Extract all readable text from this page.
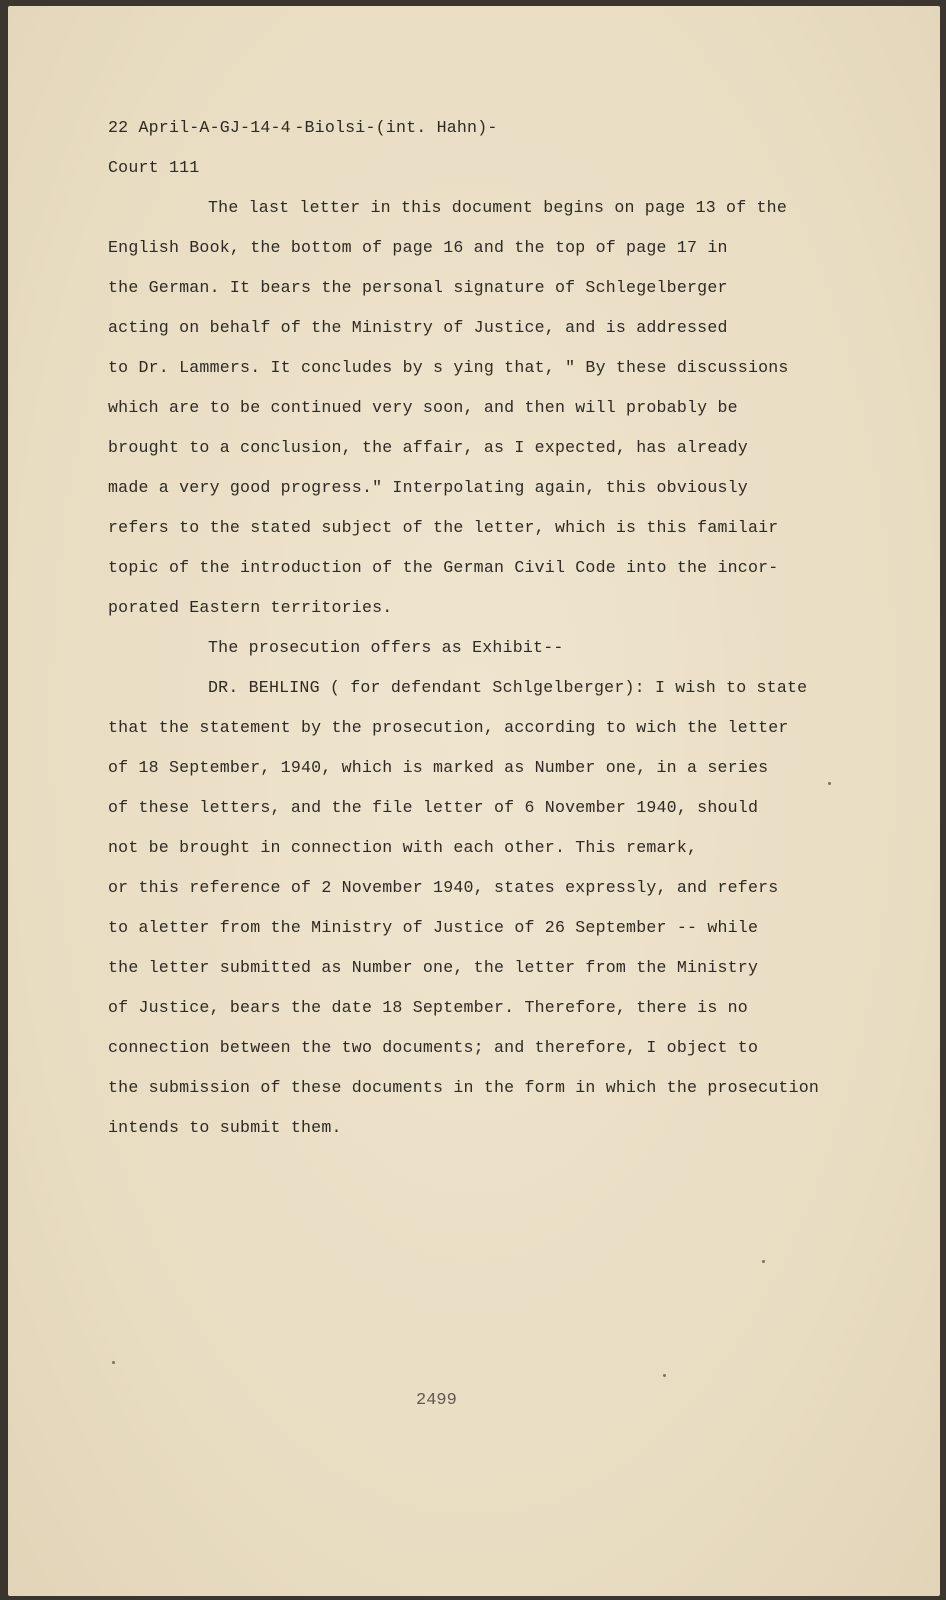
22 April-A-GJ-14-4 -Biolsi-(int. Hahn)-
Court 111
The last letter in this document begins on page 13 of the
English Book, the bottom of page 16 and the top of page 17 in
the German. It bears the personal signature of Schlegelberger
acting on behalf of the Ministry of Justice, and is addressed
to Dr. Lammers. It concludes by s ying that, " By these discussions
which are to be continued very soon, and then will probably be
brought to a conclusion, the affair, as I expected, has already
made a very good progress." Interpolating again, this obviously
refers to the stated subject of the letter, which is this familair
topic of the introduction of the German Civil Code into the incor-
porated Eastern territories.
The prosecution offers as Exhibit--
DR. BEHLING ( for defendant Schlgelberger): I wish to state
that the statement by the prosecution, according to wich the letter
of 18 September, 1940, which is marked as Number one, in a series
of these letters, and the file letter of 6 November 1940, should
not be brought in connection with each other. This remark,
or this reference of 2 November 1940, states expressly, and refers
to aletter from the Ministry of Justice of 26 September -- while
the letter submitted as Number one, the letter from the Ministry
of Justice, bears the date 18 September. Therefore, there is no
connection between the two documents; and therefore, I object to
the submission of these documents in the form in which the prosecution
intends to submit them.
2499
